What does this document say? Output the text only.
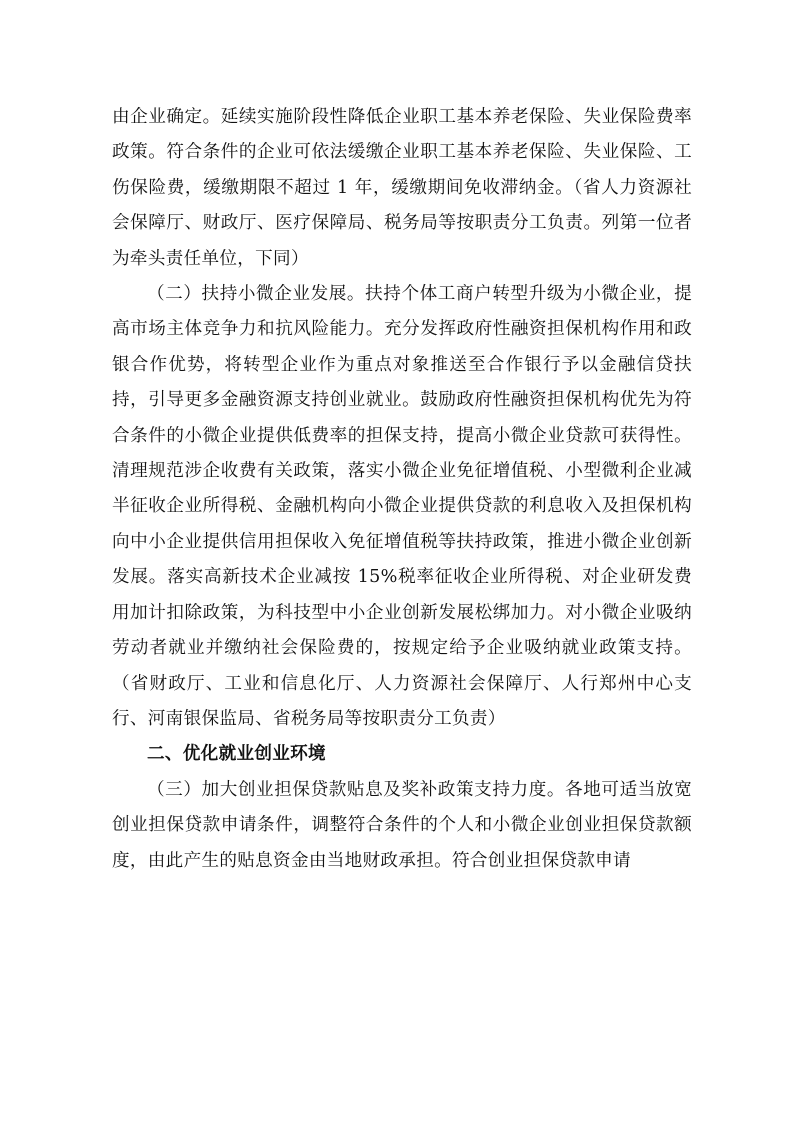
由企业确定。延续实施阶段性降低企业职工基本养老保险、失业保险费率政策。符合条件的企业可依法缓缴企业职工基本养老保险、失业保险、工伤保险费，缓缴期限不超过 1 年，缓缴期间免收滞纳金。（省人力资源社会保障厅、财政厅、医疗保障局、税务局等按职责分工负责。列第一位者为牵头责任单位，下同）

（二）扶持小微企业发展。扶持个体工商户转型升级为小微企业，提高市场主体竞争力和抗风险能力。充分发挥政府性融资担保机构作用和政银合作优势，将转型企业作为重点对象推送至合作银行予以金融信贷扶持，引导更多金融资源支持创业就业。鼓励政府性融资担保机构优先为符合条件的小微企业提供低费率的担保支持，提高小微企业贷款可获得性。清理规范涉企收费有关政策，落实小微企业免征增值税、小型微利企业减半征收企业所得税、金融机构向小微企业提供贷款的利息收入及担保机构向中小企业提供信用担保收入免征增值税等扶持政策，推进小微企业创新发展。落实高新技术企业减按 15%税率征收企业所得税、对企业研发费用加计扣除政策，为科技型中小企业创新发展松绑加力。对小微企业吸纳劳动者就业并缴纳社会保险费的，按规定给予企业吸纳就业政策支持。（省财政厅、工业和信息化厅、人力资源社会保障厅、人行郑州中心支行、河南银保监局、省税务局等按职责分工负责）

二、优化就业创业环境

（三）加大创业担保贷款贴息及奖补政策支持力度。各地可适当放宽创业担保贷款申请条件，调整符合条件的个人和小微企业创业担保贷款额度，由此产生的贴息资金由当地财政承担。符合创业担保贷款申请
